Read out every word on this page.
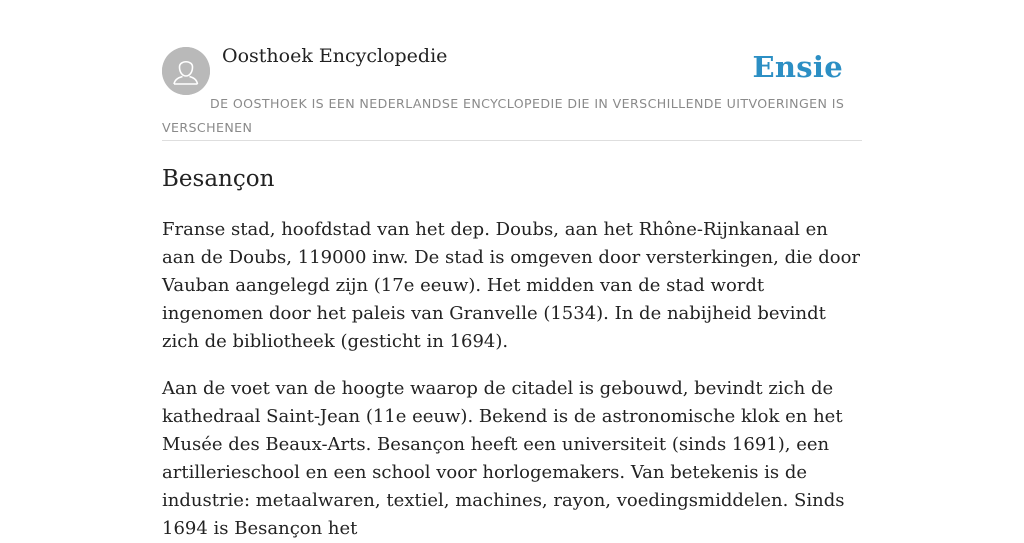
Oosthoek Encyclopedie	Ensie
DE OOSTHOEK IS EEN NEDERLANDSE ENCYCLOPEDIE DIE IN VERSCHILLENDE UITVOERINGEN IS VERSCHENEN
Besançon

Franse stad, hoofdstad van het dep. Doubs, aan het Rhône-Rijnkanaal en aan de Doubs, 119000 inw. De stad is omgeven door versterkingen, die door Vauban aangelegd zijn (17e eeuw). Het midden van de stad wordt ingenomen door het paleis van Granvelle (1534). In de nabijheid bevindt zich de bibliotheek (gesticht in 1694).

Aan de voet van de hoogte waarop de citadel is gebouwd, bevindt zich de kathedraal Saint-Jean (11e eeuw). Bekend is de astronomische klok en het Musée des Beaux-Arts. Besançon heeft een universiteit (sinds 1691), een artillerieschool en een school voor horlogemakers. Van betekenis is de industrie: metaalwaren, textiel, machines, rayon, voedingsmiddelen. Sinds 1694 is Besançon het
